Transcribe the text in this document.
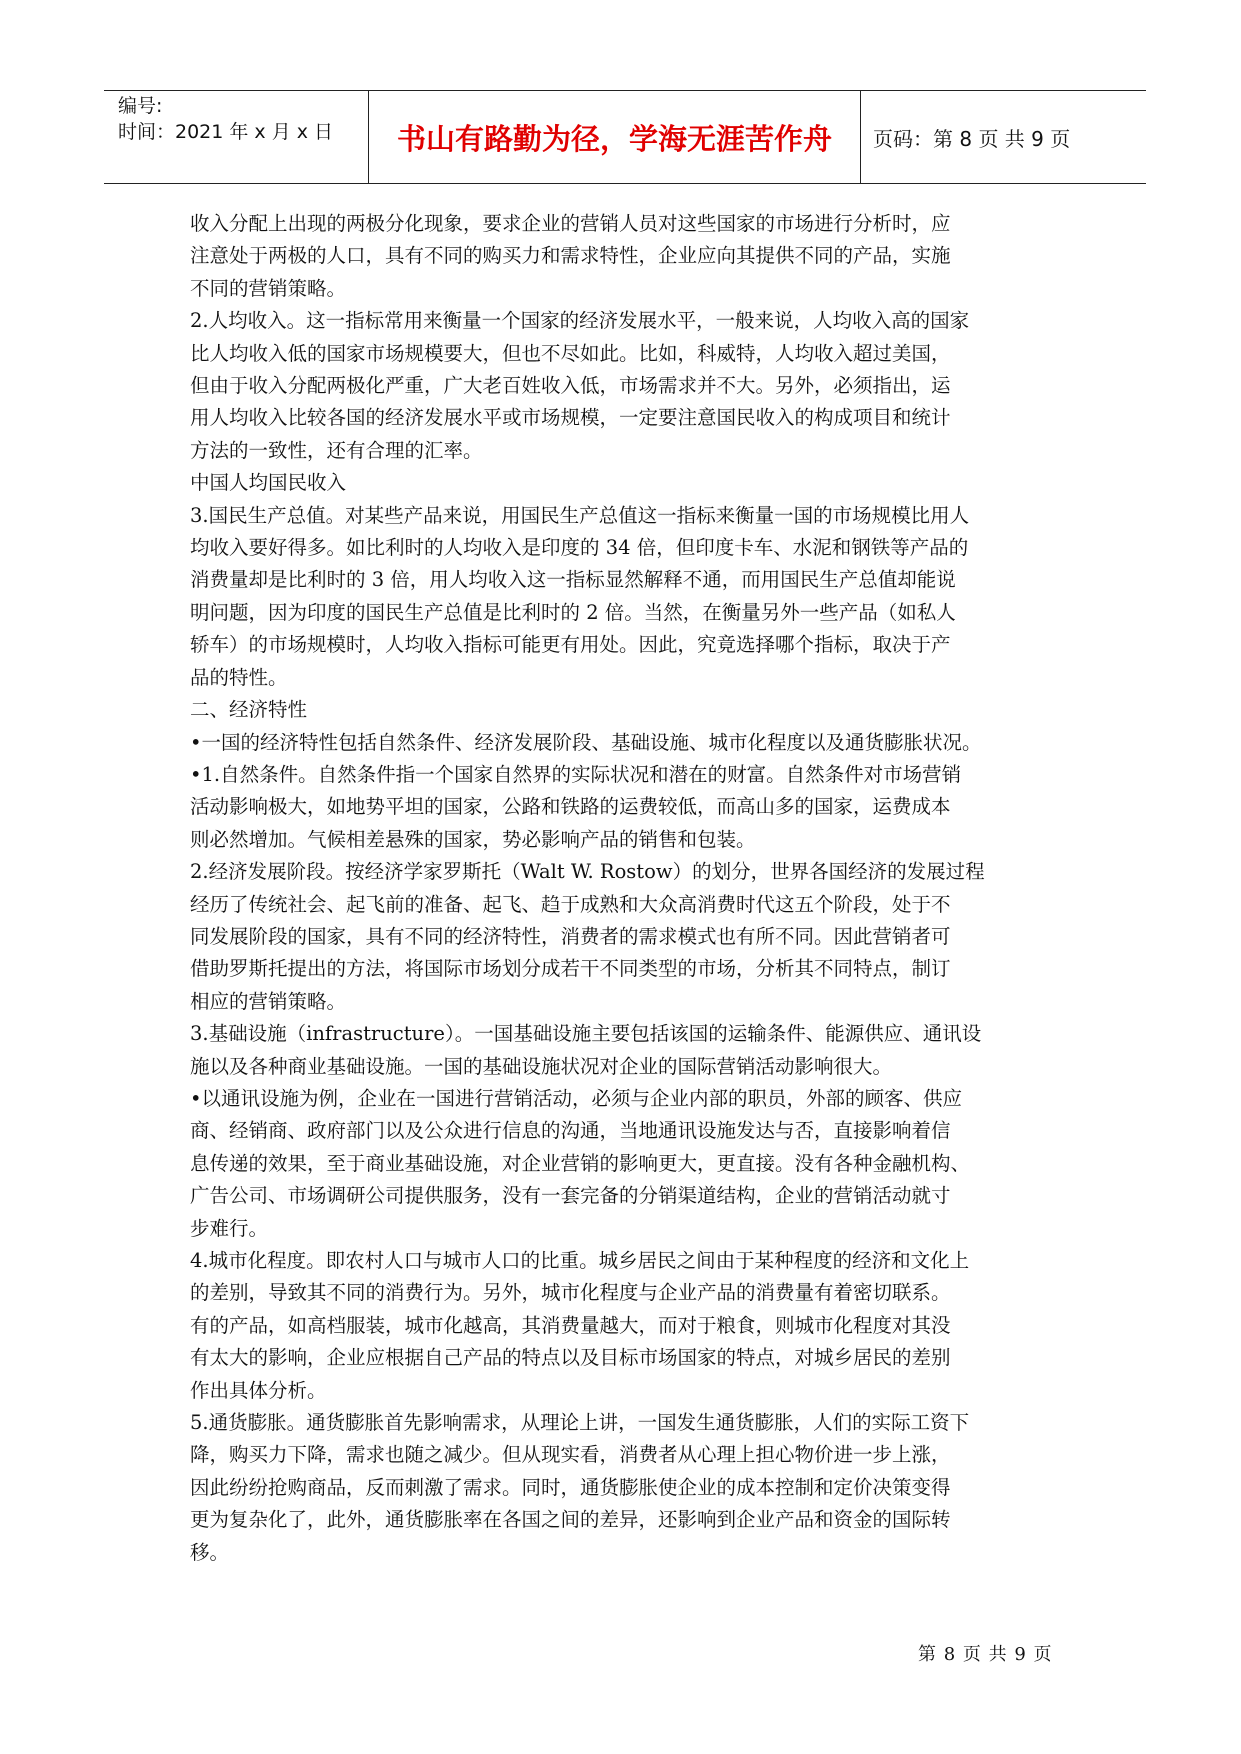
编号:
时间：2021 年 x 月 x 日	书山有路勤为径，学海无涯苦作舟	页码：第 8 页 共 9 页

收入分配上出现的两极分化现象，要求企业的营销人员对这些国家的市场进行分析时，应

注意处于两极的人口，具有不同的购买力和需求特性，企业应向其提供不同的产品，实施

不同的营销策略。

2.人均收入。这一指标常用来衡量一个国家的经济发展水平，一般来说，人均收入高的国家

比人均收入低的国家市场规模要大，但也不尽如此。比如，科威特，人均收入超过美国，

但由于收入分配两极化严重，广大老百姓收入低，市场需求并不大。另外，必须指出，运

用人均收入比较各国的经济发展水平或市场规模，一定要注意国民收入的构成项目和统计

方法的一致性，还有合理的汇率。

中国人均国民收入

3.国民生产总值。对某些产品来说，用国民生产总值这一指标来衡量一国的市场规模比用人

均收入要好得多。如比利时的人均收入是印度的 34 倍，但印度卡车、水泥和钢铁等产品的

消费量却是比利时的 3 倍，用人均收入这一指标显然解释不通，而用国民生产总值却能说

明问题，因为印度的国民生产总值是比利时的 2 倍。当然，在衡量另外一些产品（如私人

轿车）的市场规模时，人均收入指标可能更有用处。因此，究竟选择哪个指标，取决于产

品的特性。

二、经济特性

•一国的经济特性包括自然条件、经济发展阶段、基础设施、城市化程度以及通货膨胀状况。

•1.自然条件。自然条件指一个国家自然界的实际状况和潜在的财富。自然条件对市场营销

活动影响极大，如地势平坦的国家，公路和铁路的运费较低，而高山多的国家，运费成本

则必然增加。气候相差悬殊的国家，势必影响产品的销售和包装。

2.经济发展阶段。按经济学家罗斯托（Walt W. Rostow）的划分，世界各国经济的发展过程

经历了传统社会、起飞前的准备、起飞、趋于成熟和大众高消费时代这五个阶段，处于不

同发展阶段的国家，具有不同的经济特性，消费者的需求模式也有所不同。因此营销者可

借助罗斯托提出的方法，将国际市场划分成若干不同类型的市场，分析其不同特点，制订

相应的营销策略。

3.基础设施（infrastructure）。一国基础设施主要包括该国的运输条件、能源供应、通讯设

施以及各种商业基础设施。一国的基础设施状况对企业的国际营销活动影响很大。

•以通讯设施为例，企业在一国进行营销活动，必须与企业内部的职员，外部的顾客、供应

商、经销商、政府部门以及公众进行信息的沟通，当地通讯设施发达与否，直接影响着信

息传递的效果，至于商业基础设施，对企业营销的影响更大，更直接。没有各种金融机构、

广告公司、市场调研公司提供服务，没有一套完备的分销渠道结构，企业的营销活动就寸

步难行。

4.城市化程度。即农村人口与城市人口的比重。城乡居民之间由于某种程度的经济和文化上

的差别，导致其不同的消费行为。另外，城市化程度与企业产品的消费量有着密切联系。

有的产品，如高档服装，城市化越高，其消费量越大，而对于粮食，则城市化程度对其没

有太大的影响，企业应根据自己产品的特点以及目标市场国家的特点，对城乡居民的差别

作出具体分析。

5.通货膨胀。通货膨胀首先影响需求，从理论上讲，一国发生通货膨胀，人们的实际工资下

降，购买力下降，需求也随之减少。但从现实看，消费者从心理上担心物价进一步上涨，

因此纷纷抢购商品，反而刺激了需求。同时，通货膨胀使企业的成本控制和定价决策变得

更为复杂化了，此外，通货膨胀率在各国之间的差异，还影响到企业产品和资金的国际转

移。

第 8 页 共 9 页
